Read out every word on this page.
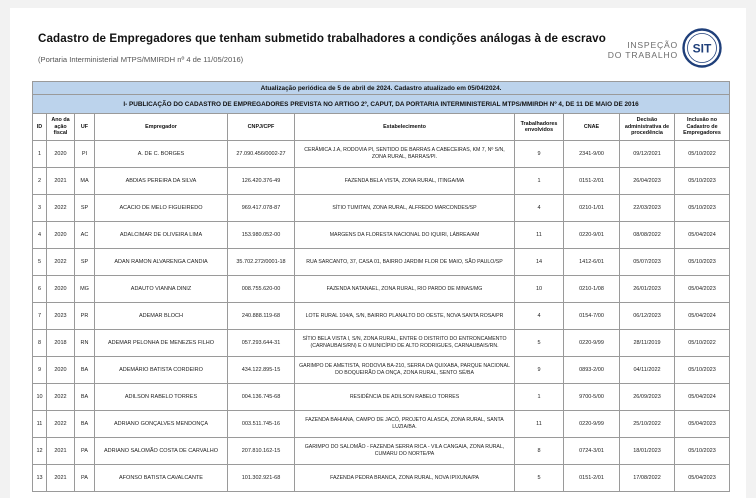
Cadastro de Empregadores que tenham submetido trabalhadores a condições análogas à de escravo
(Portaria Interministerial MTPS/MMIRDH nº 4 de 11/05/2016)
INSPEÇÃO
DO TRABALHO SIT
Atualização periódica de 5 de abril de 2024. Cadastro atualizado em 05/04/2024.									
I- PUBLICAÇÃO DO CADASTRO DE EMPREGADORES PREVISTA NO ARTIGO 2º, CAPUT, DA PORTARIA INTERMINISTERIAL MTPS/MMIRDH Nº 4, DE 11 DE MAIO DE 2016									
ID	Ano da ação fiscal	UF	Empregador	CNPJ/CPF	Estabelecimento	Trabalhadores envolvidos	CNAE	Decisão administrativa de procedência	Inclusão no Cadastro de Empregadores
1	2020	PI	A. DE C. BORGES	27.090.456/0002-27	CERÂMICA J.A, RODOVIA PI, SENTIDO DE BARRAS A CABECEIRAS, KM 7, Nº S/N, ZONA RURAL, BARRAS/PI.	9	2341-9/00	09/12/2021	05/10/2022
2	2021	MA	ABDIAS PEREIRA DA SILVA	126.420.376-49	FAZENDA BELA VISTA, ZONA RURAL, ITINGA/MA	1	0151-2/01	26/04/2023	05/10/2023
3	2022	SP	ACACIO DE MELO FIGUEIREDO	969.417.078-87	SÍTIO TUMITAN, ZONA RURAL, ALFREDO MARCONDES/SP	4	0210-1/01	22/03/2023	05/10/2023
4	2020	AC	ADALCIMAR DE OLIVEIRA LIMA	153.980.052-00	MARGENS DA FLORESTA NACIONAL DO IQUIRI, LÁBREA/AM	11	0220-9/01	08/08/2022	05/04/2024
5	2022	SP	ADAN RAMON ALVARENGA CANDIA	35.702.272/0001-18	RUA SARCANTO, 37, CASA 01, BAIRRO JARDIM FLOR DE MAIO, SÃO PAULO/SP	14	1412-6/01	05/07/2023	05/10/2023
6	2020	MG	ADAUTO VIANNA DINIZ	008.755.620-00	FAZENDA NATANAEL, ZONA RURAL, RIO PARDO DE MINAS/MG	10	0210-1/08	26/01/2023	05/04/2023
7	2023	PR	ADEMAR BLOCH	240.888.119-68	LOTE RURAL 104/A, S/N, BAIRRO PLANALTO DO OESTE, NOVA SANTA ROSA/PR	4	0154-7/00	06/12/2023	05/04/2024
8	2018	RN	ADEMAR PELONHA DE MENEZES FILHO	057.293.644-31	SÍTIO BELA VISTA I, S/N, ZONA RURAL, ENTRE O DISTRITO DO ENTRONCAMENTO (CARNAUBAIS/RN) E O MUNICÍPIO DE ALTO RODRIGUES, CARNAUBAIS/RN.	5	0220-9/99	28/11/2019	05/10/2022
9	2020	BA	ADEMÁRIO BATISTA CORDEIRO	434.122.895-15	GARIMPO DE AMETISTA, RODOVIA BA-210, SERRA DA QUIXABA, PARQUE NACIONAL DO BOQUEIRÃO DA ONÇA, ZONA RURAL, SENTO SÉ/BA	9	0893-2/00	04/11/2022	05/10/2023
10	2022	BA	ADILSON RABELO TORRES	004.136.745-68	RESIDÊNCIA DE ADILSON RABELO TORRES	1	9700-5/00	26/09/2023	05/04/2024
11	2022	BA	ADRIANO GONÇALVES MENDONÇA	003.511.745-16	FAZENDA BAHIANA, CAMPO DE JACÓ, PROJETO ALASCA, ZONA RURAL, SANTA LUZIA/BA.	11	0220-9/99	25/10/2022	05/04/2023
12	2021	PA	ADRIANO SALOMÃO COSTA DE CARVALHO	207.810.162-15	GARIMPO DO SALOMÃO - FAZENDA SERRA RICA - VILA CANGAIA, ZONA RURAL, CUMARU DO NORTE/PA	8	0724-3/01	18/01/2023	05/10/2023
13	2021	PA	AFONSO BATISTA CAVALCANTE	101.302.921-68	FAZENDA PEDRA BRANCA, ZONA RURAL, NOVA IPIXUNA/PA	5	0151-2/01	17/08/2022	05/04/2023
